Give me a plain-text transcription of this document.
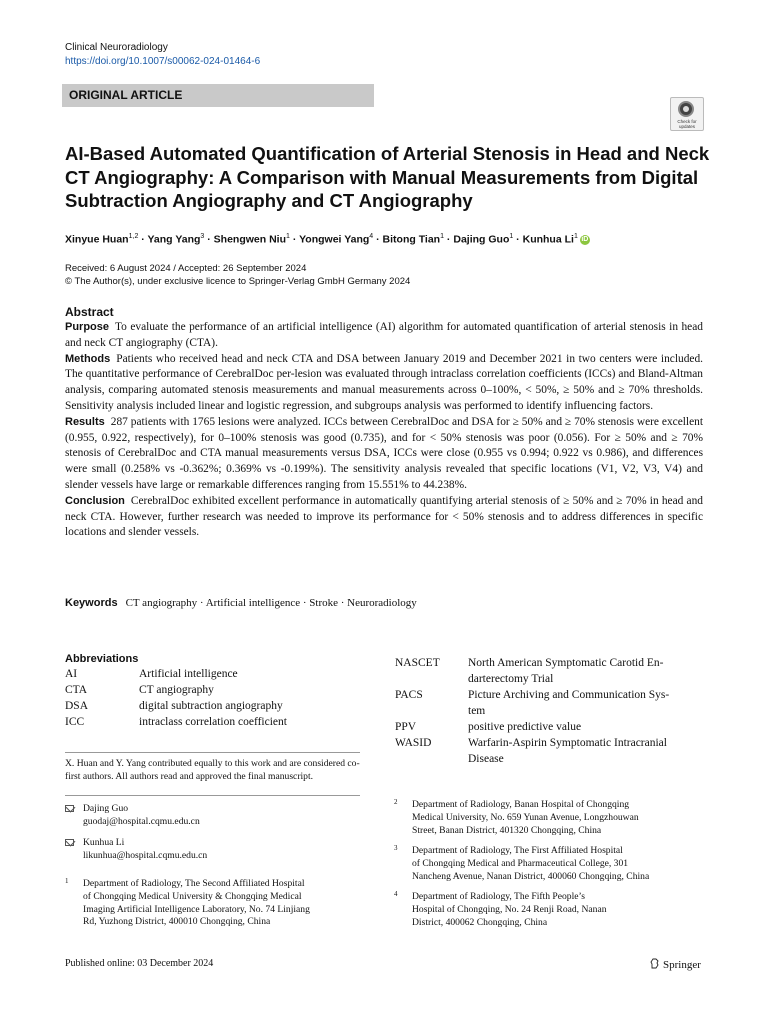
Clinical Neuroradiology
https://doi.org/10.1007/s00062-024-01464-6
ORIGINAL ARTICLE
Check for updates
AI-Based Automated Quantification of Arterial Stenosis in Head and Neck CT Angiography: A Comparison with Manual Measurements from Digital Subtraction Angiography and CT Angiography
Xinyue Huan$^{1,2}$ · Yang Yang$^3$ · Shengwen Niu$^1$ · Yongwei Yang$^4$ · Bitong Tian$^1$ · Dajing Guo$^1$ · Kunhua Li$^1$ iD
Received: 6 August 2024 / Accepted: 26 September 2024
© The Author(s), under exclusive licence to Springer-Verlag GmbH Germany 2024
Abstract

Purpose To evaluate the performance of an artificial intelligence (AI) algorithm for automated quantification of arterial stenosis in head and neck CT angiography (CTA).

Methods Patients who received head and neck CTA and DSA between January 2019 and December 2021 in two centers were included. The quantitative performance of CerebralDoc per-lesion was evaluated through intraclass correlation coefficients (ICCs) and Bland-Altman analysis, comparing automated stenosis measurements and manual measurements across 0–100%, < 50%, ≥ 50% and ≥ 70% thresholds. Sensitivity analysis included linear and logistic regression, and subgroups analysis was performed to identify influencing factors.

Results 287 patients with 1765 lesions were analyzed. ICCs between CerebralDoc and DSA for ≥ 50% and ≥ 70% stenosis were excellent (0.955, 0.922, respectively), for 0–100% stenosis was good (0.735), and for < 50% stenosis was poor (0.056). For ≥ 50% and ≥ 70% stenosis of CerebralDoc and CTA manual measurements versus DSA, ICCs were close (0.955 vs 0.994; 0.922 vs 0.986), and differences were small (0.258% vs -0.362%; 0.369% vs -0.199%). The sensitivity analysis revealed that specific locations (V1, V2, V3, V4) and slender vessels have large or remarkable differences ranging from 15.551% to 44.238%.

Conclusion CerebralDoc exhibited excellent performance in automatically quantifying arterial stenosis of ≥ 50% and ≥ 70% in head and neck CTA. However, further research was needed to improve its performance for < 50% stenosis and to address differences in specific locations and slender vessels.

Keywords CT angiography · Artificial intelligence · Stroke · Neuroradiology
Abbreviations
AI	Artificial intelligence
CTA	CT angiography
DSA	digital subtraction angiography
ICC	intraclass correlation coefficient
NASCET North American Symptomatic Carotid En-
darterectomy Trial
PACS	Picture Archiving and Communication Sys-
tem
PPV	positive predictive value
WASID	Warfarin-Aspirin Symptomatic Intracranial
Disease
X. Huan and Y. Yang contributed equally to this work and are considered co-first authors. All authors read and approved the final manuscript.
Dajing Guo
guodaj@hospital.cqmu.edu.cn
Kunhua Li
likunhua@hospital.cqmu.edu.cn
1 Department of Radiology, The Second Affiliated Hospital
of Chongqing Medical University & Chongqing Medical
Imaging Artificial Intelligence Laboratory, No. 74 Linjiang
Rd, Yuzhong District, 400010 Chongqing, China
2 Department of Radiology, Banan Hospital of Chongqing
Medical University, No. 659 Yunan Avenue, Longzhouwan
Street, Banan District, 401320 Chongqing, China
3 Department of Radiology, The First Affiliated Hospital
of Chongqing Medical and Pharmaceutical College, 301
Nancheng Avenue, Nanan District, 400060 Chongqing, China
4 Department of Radiology, The Fifth People’s
Hospital of Chongqing, No. 24 Renji Road, Nanan
District, 400062 Chongqing, China
Published online: 03 December 2024	Springer
